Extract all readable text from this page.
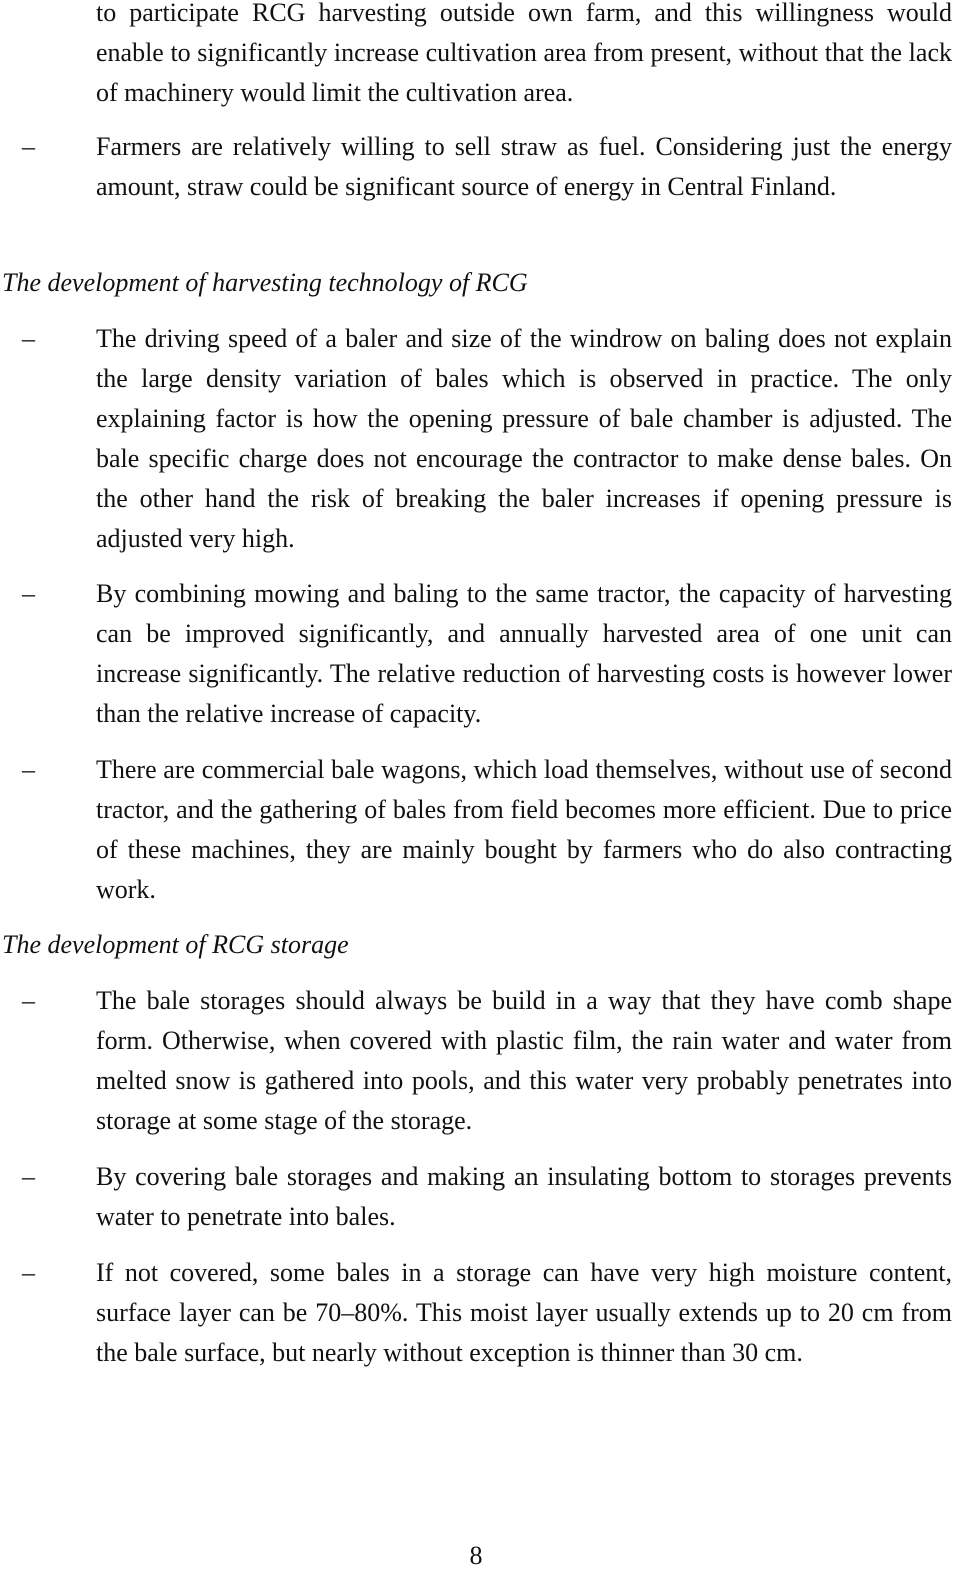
to participate RCG harvesting outside own farm, and this willingness would enable to significantly increase cultivation area from present, without that the lack of machinery would limit the cultivation area.
–	Farmers are relatively willing to sell straw as fuel. Considering just the energy amount, straw could be significant source of energy in Central Finland.
The development of harvesting technology of RCG
–	The driving speed of a baler and size of the windrow on baling does not explain the large density variation of bales which is observed in practice. The only explaining factor is how the opening pressure of bale chamber is adjusted. The bale specific charge does not encourage the contractor to make dense bales. On the other hand the risk of breaking the baler increases if opening pressure is adjusted very high.
–	By combining mowing and baling to the same tractor, the capacity of harvesting can be improved significantly, and annually harvested area of one unit can increase significantly. The relative reduction of harvesting costs is however lower than the relative increase of capacity.
–	There are commercial bale wagons, which load themselves, without use of second tractor, and the gathering of bales from field becomes more efficient. Due to price of these machines, they are mainly bought by farmers who do also contracting work.
The development of RCG storage
–	The bale storages should always be build in a way that they have comb shape form. Otherwise, when covered with plastic film, the rain water and water from melted snow is gathered into pools, and this water very probably penetrates into storage at some stage of the storage.
–	By covering bale storages and making an insulating bottom to storages prevents water to penetrate into bales.
–	If not covered, some bales in a storage can have very high moisture content, surface layer can be 70–80%. This moist layer usually extends up to 20 cm from the bale surface, but nearly without exception is thinner than 30 cm.
8
